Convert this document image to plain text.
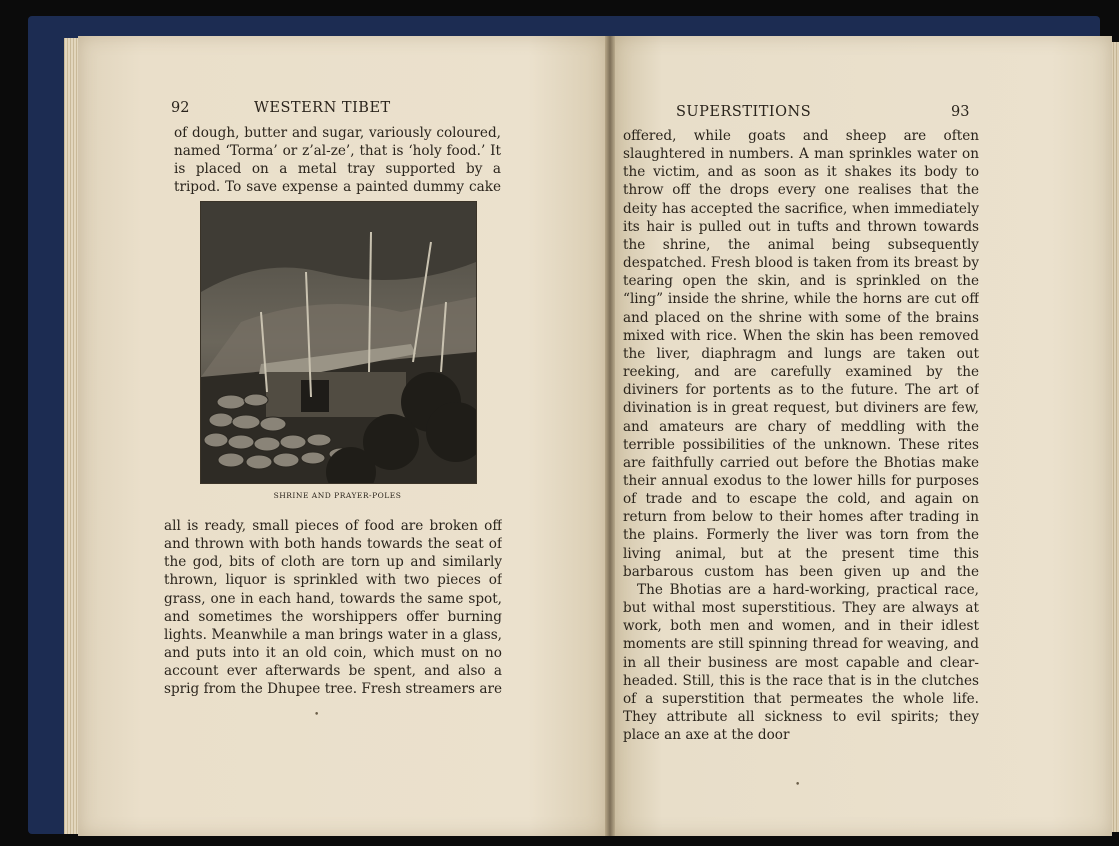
92	WESTERN TIBET

of dough, butter and sugar, variously coloured, named ‘Torma’ or z’al-ze’, that is ‘holy food.’ It is placed on a metal tray supported by a tripod. To save expense a painted dummy cake

SHRINE AND PRAYER-POLES

all is ready, small pieces of food are broken off and thrown with both hands towards the seat of the god, bits of cloth are torn up and similarly thrown, liquor is sprinkled with two pieces of grass, one in each hand, towards the same spot, and sometimes the worshippers offer burning lights. Meanwhile a man brings water in a glass, and puts into it an old coin, which must on no account ever afterwards be spent, and also a sprig from the Dhupee tree. Fresh streamers are

•
SUPERSTITIONS	93

offered, while goats and sheep are often slaughtered in numbers. A man sprinkles water on the victim, and as soon as it shakes its body to throw off the drops every one realises that the deity has accepted the sacrifice, when immediately its hair is pulled out in tufts and thrown towards the shrine, the animal being subsequently despatched. Fresh blood is taken from its breast by tearing open the skin, and is sprinkled on the “ling” inside the shrine, while the horns are cut off and placed on the shrine with some of the brains mixed with rice. When the skin has been removed the liver, diaphragm and lungs are taken out reeking, and are carefully examined by the diviners for portents as to the future. The art of divination is in great request, but diviners are few, and amateurs are chary of meddling with the terrible possibilities of the unknown. These rites are faithfully carried out before the Bhotias make their annual exodus to the lower hills for purposes of trade and to escape the cold, and again on return from below to their homes after trading in the plains. Formerly the liver was torn from the living animal, but at the present time this barbarous custom has been given up and the

The Bhotias are a hard-working, practical race, but withal most superstitious. They are always at work, both men and women, and in their idlest moments are still spinning thread for weaving, and in all their business are most capable and clear-headed. Still, this is the race that is in the clutches of a superstition that permeates the whole life. They attribute all sickness to evil spirits; they place an axe at the door

•
